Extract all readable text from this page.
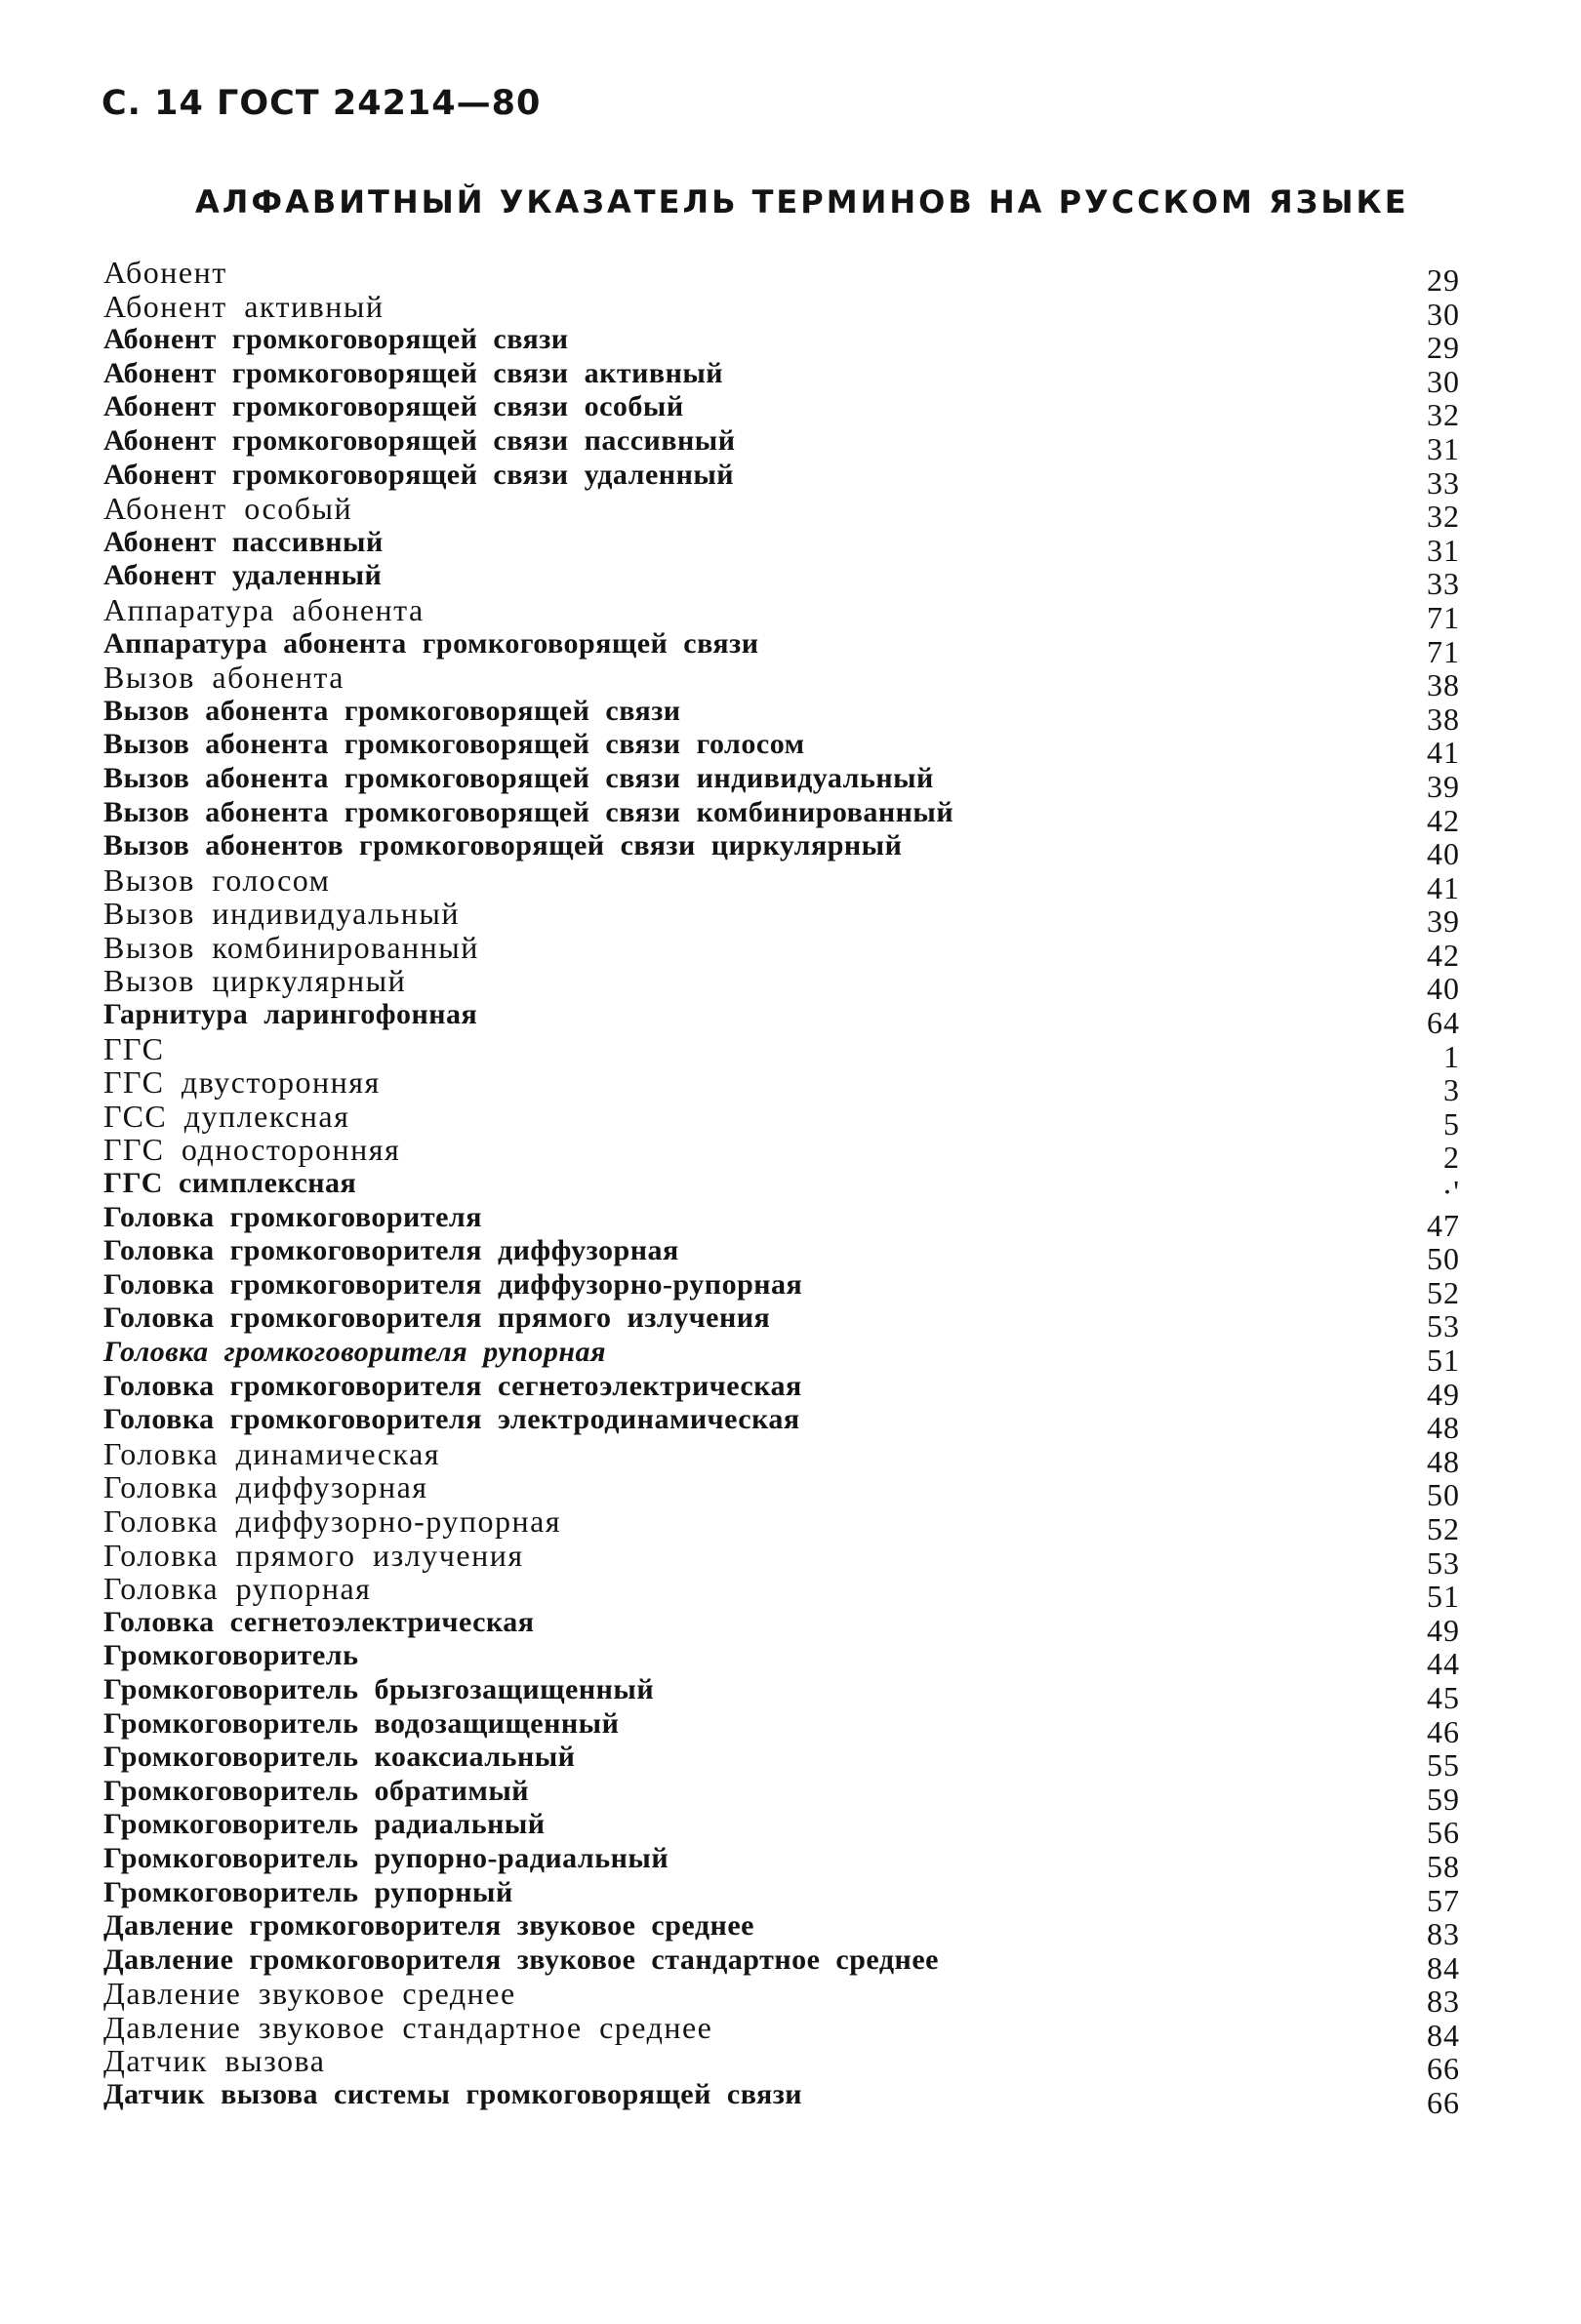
С. 14 ГОСТ 24214—80
АЛФАВИТНЫЙ УКАЗАТЕЛЬ ТЕРМИНОВ НА РУССКОМ ЯЗЫКЕ
Абонент	29
Абонент активный	30
Абонент громкоговорящей связи	29
Абонент громкоговорящей связи активный	30
Абонент громкоговорящей связи особый	32
Абонент громкоговорящей связи пассивный	31
Абонент громкоговорящей связи удаленный	33
Абонент особый	32
Абонент пассивный	31
Абонент удаленный	33
Аппаратура абонента	71
Аппаратура абонента громкоговорящей связи	71
Вызов абонента	38
Вызов абонента громкоговорящей связи	38
Вызов абонента громкоговорящей связи голосом	41
Вызов абонента громкоговорящей связи индивидуальный	39
Вызов абонента громкоговорящей связи комбинированный	42
Вызов абонентов громкоговорящей связи циркулярный	40
Вызов голосом	41
Вызов индивидуальный	39
Вызов комбинированный	42
Вызов циркулярный	40
Гарнитура ларингофонная	64
ГГС	1
ГГС двусторонняя	3
ГСС дуплексная	5
ГГС односторонняя	2
ГГС симплексная	·'
Головка громкоговорителя	47
Головка громкоговорителя диффузорная	50
Головка громкоговорителя диффузорно-рупорная	52
Головка громкоговорителя прямого излучения	53
Головка громкоговорителя рупорная	51
Головка громкоговорителя сегнетоэлектрическая	49
Головка громкоговорителя электродинамическая	48
Головка динамическая	48
Головка диффузорная	50
Головка диффузорно-рупорная	52
Головка прямого излучения	53
Головка рупорная	51
Головка сегнетоэлектрическая	49
Громкоговоритель	44
Громкоговоритель брызгозащищенный	45
Громкоговоритель водозащищенный	46
Громкоговоритель коаксиальный	55
Громкоговоритель обратимый	59
Громкоговоритель радиальный	56
Громкоговоритель рупорно-радиальный	58
Громкоговоритель рупорный	57
Давление громкоговорителя звуковое среднее	83
Давление громкоговорителя звуковое стандартное среднее	84
Давление звуковое среднее	83
Давление звуковое стандартное среднее	84
Датчик вызова	66
Датчик вызова системы громкоговорящей связи	66
